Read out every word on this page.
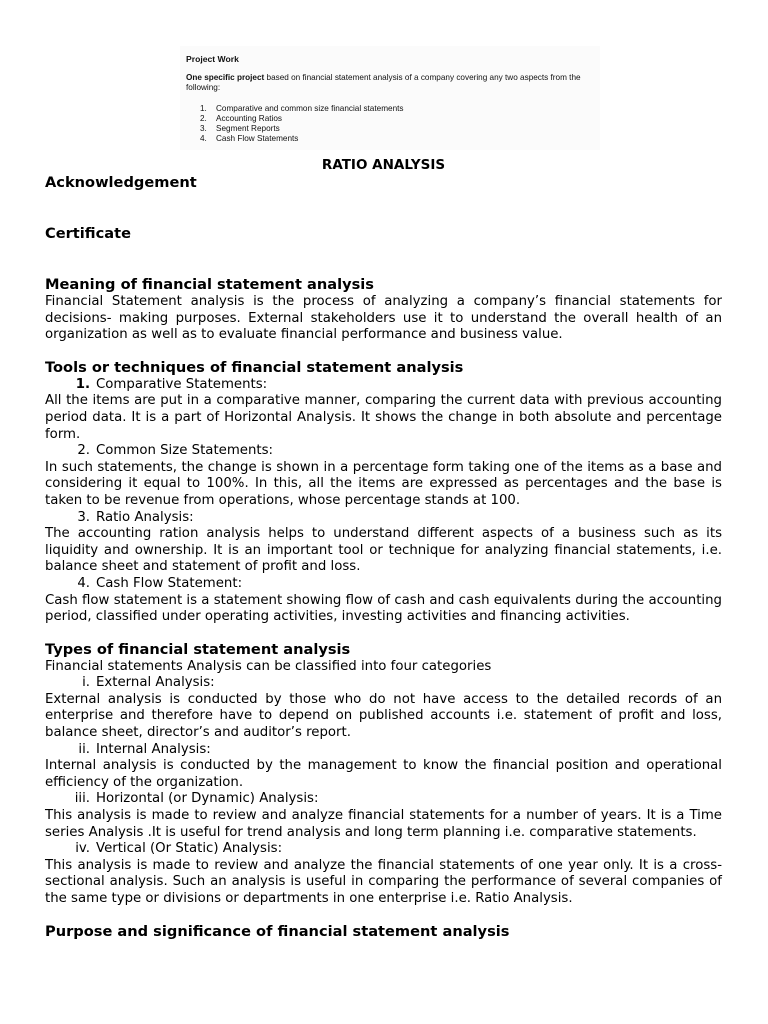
Project Work
One specific project based on financial statement analysis of a company covering any two aspects from the following:
1.	Comparative and common size financial statements
2.	Accounting Ratios
3.	Segment Reports
4.	Cash Flow Statements
RATIO ANALYSIS
Acknowledgement
Certificate
Meaning of financial statement analysis

Financial Statement analysis is the process of analyzing a company’s financial statements for decisions- making purposes. External stakeholders use it to understand the overall health of an organization as well as to evaluate financial performance and business value.

Tools or techniques of financial statement analysis
1. Comparative Statements:

All the items are put in a comparative manner, comparing the current data with previous accounting period data. It is a part of Horizontal Analysis. It shows the change in both absolute and percentage form.

2. Common Size Statements:

In such statements, the change is shown in a percentage form taking one of the items as a base and considering it equal to 100%. In this, all the items are expressed as percentages and the base is taken to be revenue from operations, whose percentage stands at 100.

3. Ratio Analysis:

The accounting ration analysis helps to understand different aspects of a business such as its liquidity and ownership. It is an important tool or technique for analyzing financial statements, i.e. balance sheet and statement of profit and loss.

4. Cash Flow Statement:

Cash flow statement is a statement showing flow of cash and cash equivalents during the accounting period, classified under operating activities, investing activities and financing activities.

Types of financial statement analysis

Financial statements Analysis can be classified into four categories

i. External Analysis:

External analysis is conducted by those who do not have access to the detailed records of an enterprise and therefore have to depend on published accounts i.e. statement of profit and loss, balance sheet, director’s and auditor’s report.

ii. Internal Analysis:

Internal analysis is conducted by the management to know the financial position and operational efficiency of the organization.

iii. Horizontal (or Dynamic) Analysis:

This analysis is made to review and analyze financial statements for a number of years. It is a Time series Analysis .It is useful for trend analysis and long term planning i.e. comparative statements.

iv. Vertical (Or Static) Analysis:

This analysis is made to review and analyze the financial statements of one year only. It is a cross-sectional analysis. Such an analysis is useful in comparing the performance of several companies of the same type or divisions or departments in one enterprise i.e. Ratio Analysis.

Purpose and significance of financial statement analysis
